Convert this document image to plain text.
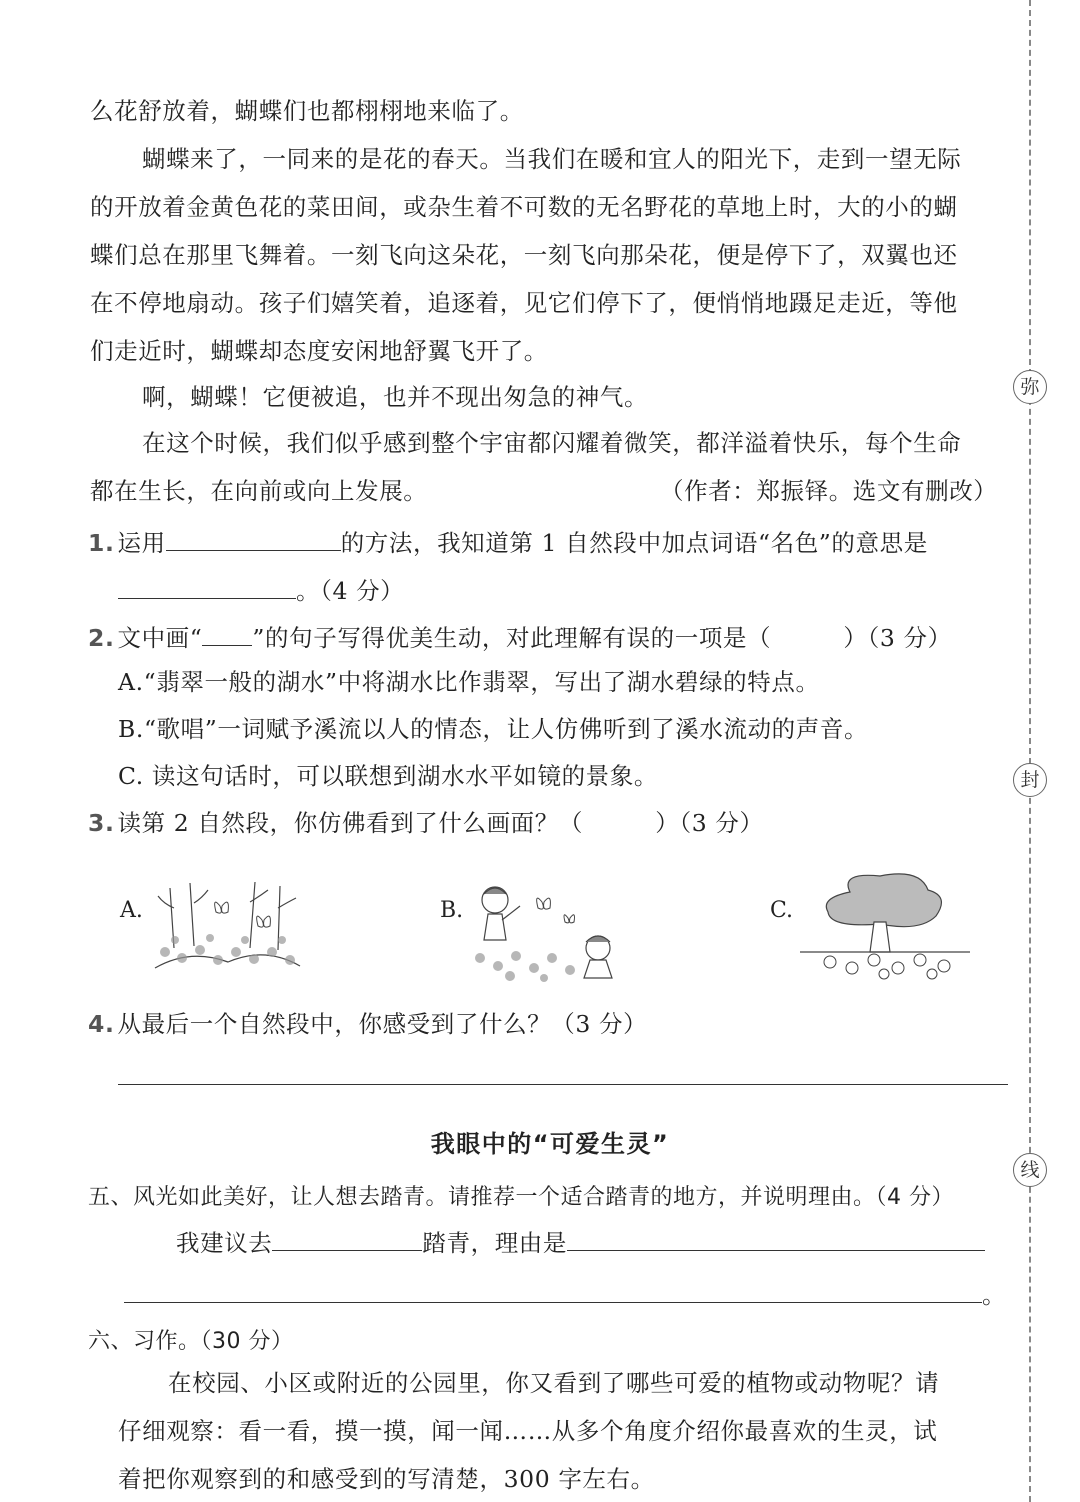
弥
封
线
么花舒放着，蝴蝶们也都栩栩地来临了。
蝴蝶来了，一同来的是花的春天。当我们在暖和宜人的阳光下，走到一望无际
的开放着金黄色花的菜田间，或杂生着不可数的无名野花的草地上时，大的小的蝴
蝶们总在那里飞舞着。一刻飞向这朵花，一刻飞向那朵花，便是停下了，双翼也还
在不停地扇动。孩子们嬉笑着，追逐着，见它们停下了，便悄悄地蹑足走近，等他
们走近时，蝴蝶却态度安闲地舒翼飞开了。
啊，蝴蝶！它便被追，也并不现出匆急的神气。
在这个时候，我们似乎感到整个宇宙都闪耀着微笑，都洋溢着快乐，每个生命
都在生长，在向前或向上发展。	（作者：郑振铎。选文有删改）
1. 运用	的方法，我知道第 1 自然段中加点词语“名色”的意思是
。（4 分）
2. 文中画“ ”的句子写得优美生动，对此理解有误的一项是（　　　）（3 分）
A.“翡翠一般的湖水”中将湖水比作翡翠，写出了湖水碧绿的特点。
B.“歌唱”一词赋予溪流以人的情态，让人仿佛听到了溪水流动的声音。
C. 读这句话时，可以联想到湖水水平如镜的景象。
3. 读第 2 自然段，你仿佛看到了什么画面？（　　　）（3 分）
A.	B.	C.
4. 从最后一个自然段中，你感受到了什么？（3 分）
我眼中的“可爱生灵”
五、风光如此美好，让人想去踏青。请推荐一个适合踏青的地方，并说明理由。（4 分）
我建议去	踏青，理由是
。
六、习作。（30 分）
在校园、小区或附近的公园里，你又看到了哪些可爱的植物或动物呢？请
仔细观察：看一看，摸一摸，闻一闻……从多个角度介绍你最喜欢的生灵，试
着把你观察到的和感受到的写清楚，300 字左右。
